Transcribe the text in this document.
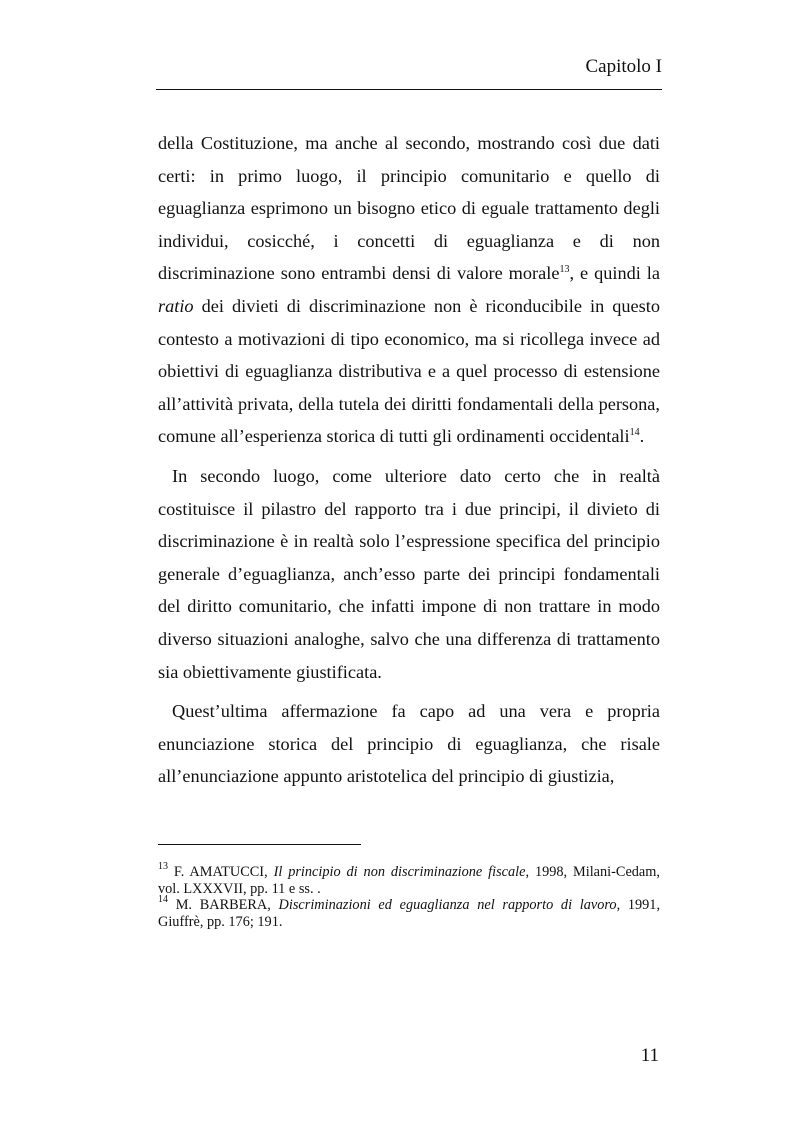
Capitolo I

della Costituzione, ma anche al secondo, mostrando così due dati certi: in primo luogo, il principio comunitario e quello di eguaglianza esprimono un bisogno etico di eguale trattamento degli individui, cosicché, i concetti di eguaglianza e di non discriminazione sono entrambi densi di valore morale$^{13}$, e quindi la ratio dei divieti di discriminazione non è riconducibile in questo contesto a motivazioni di tipo economico, ma si ricollega invece ad obiettivi di eguaglianza distributiva e a quel processo di estensione all’attività privata, della tutela dei diritti fondamentali della persona, comune all’esperienza storica di tutti gli ordinamenti occidentali$^{14}$.

In secondo luogo, come ulteriore dato certo che in realtà costituisce il pilastro del rapporto tra i due principi, il divieto di discriminazione è in realtà solo l’espressione specifica del principio generale d’eguaglianza, anch’esso parte dei principi fondamentali del diritto comunitario, che infatti impone di non trattare in modo diverso situazioni analoghe, salvo che una differenza di trattamento sia obiettivamente giustificata.

Quest’ultima affermazione fa capo ad una vera e propria enunciazione storica del principio di eguaglianza, che risale all’enunciazione appunto aristotelica del principio di giustizia,

$^{13}$ F. AMATUCCI, Il principio di non discriminazione fiscale, 1998, Milani-Cedam, vol. LXXXVII, pp. 11 e ss. .

$^{14}$ M. BARBERA, Discriminazioni ed eguaglianza nel rapporto di lavoro, 1991, Giuffrè, pp. 176; 191.

11
